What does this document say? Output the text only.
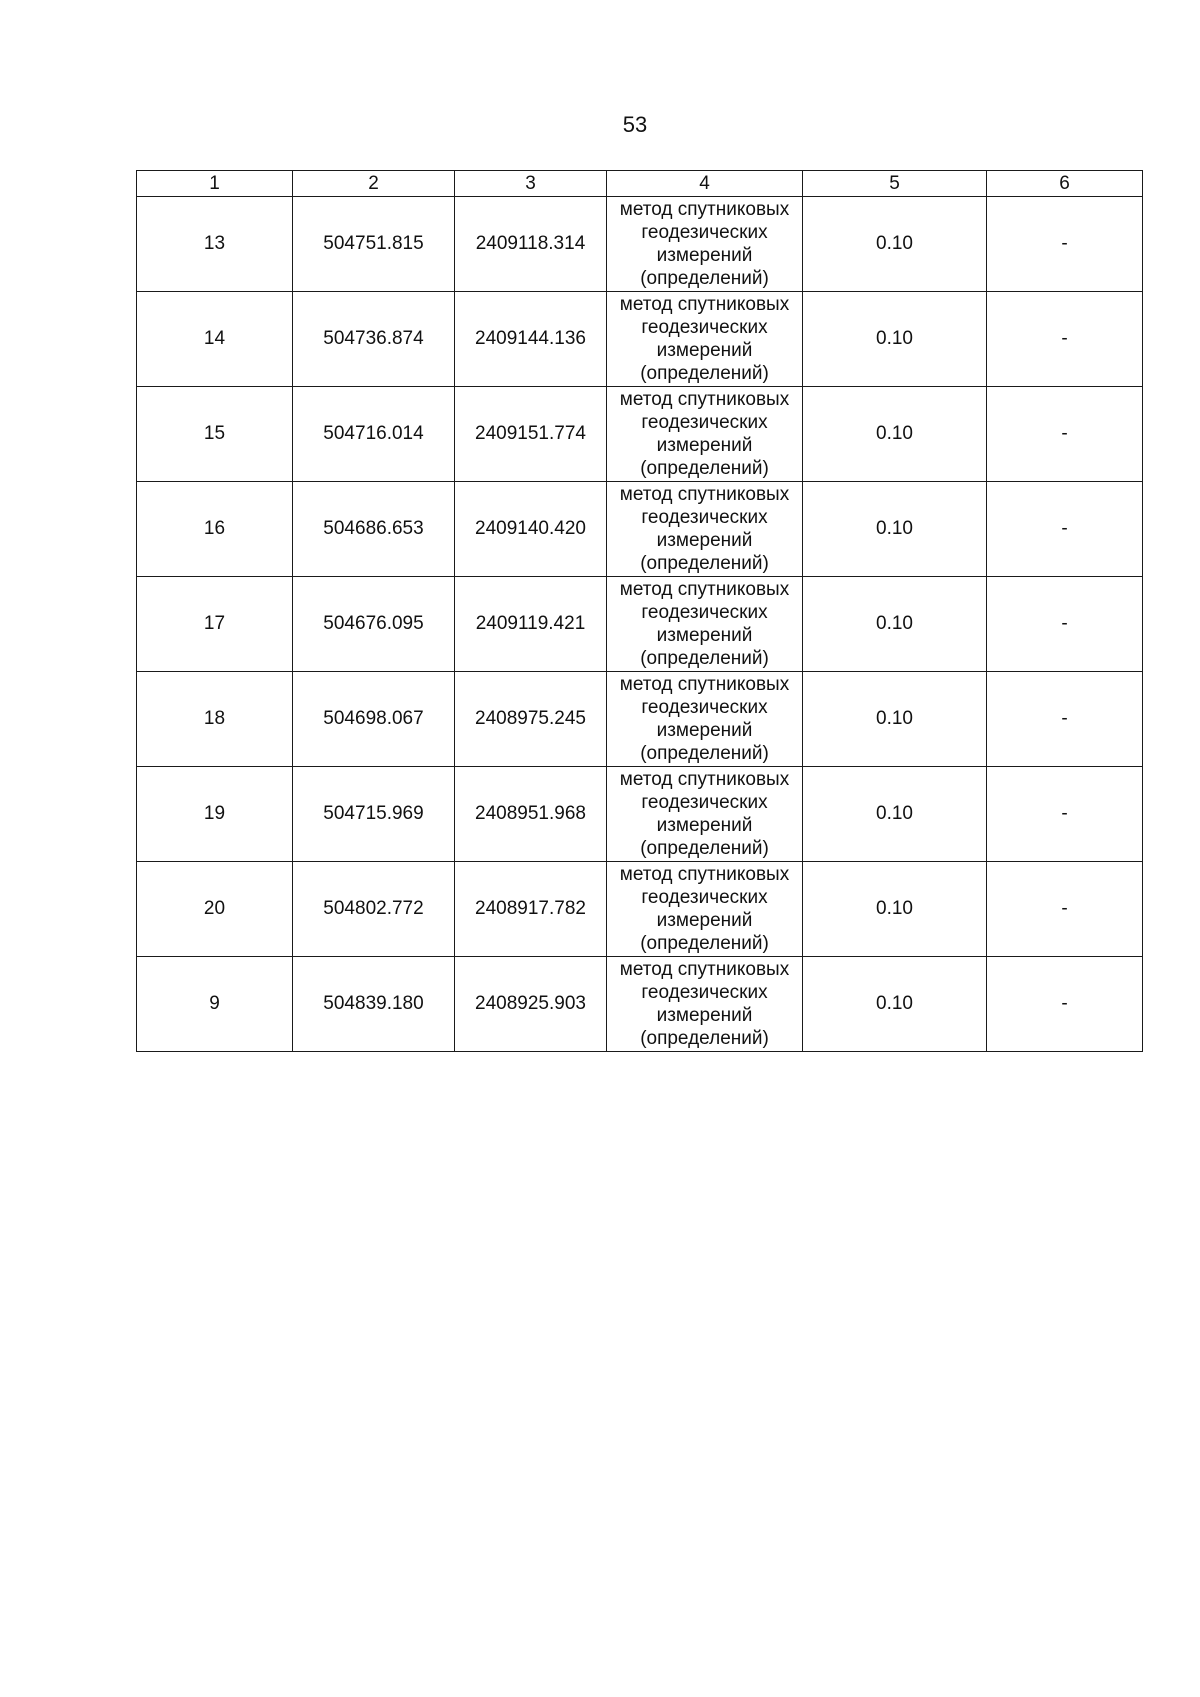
53
1	2	3	4	5	6
13	504751.815	2409118.314	метод спутниковых
геодезических
измерений
(определений)	0.10	-
14	504736.874	2409144.136	метод спутниковых
геодезических
измерений
(определений)	0.10	-
15	504716.014	2409151.774	метод спутниковых
геодезических
измерений
(определений)	0.10	-
16	504686.653	2409140.420	метод спутниковых
геодезических
измерений
(определений)	0.10	-
17	504676.095	2409119.421	метод спутниковых
геодезических
измерений
(определений)	0.10	-
18	504698.067	2408975.245	метод спутниковых
геодезических
измерений
(определений)	0.10	-
19	504715.969	2408951.968	метод спутниковых
геодезических
измерений
(определений)	0.10	-
20	504802.772	2408917.782	метод спутниковых
геодезических
измерений
(определений)	0.10	-
9	504839.180	2408925.903	метод спутниковых
геодезических
измерений
(определений)	0.10	-
